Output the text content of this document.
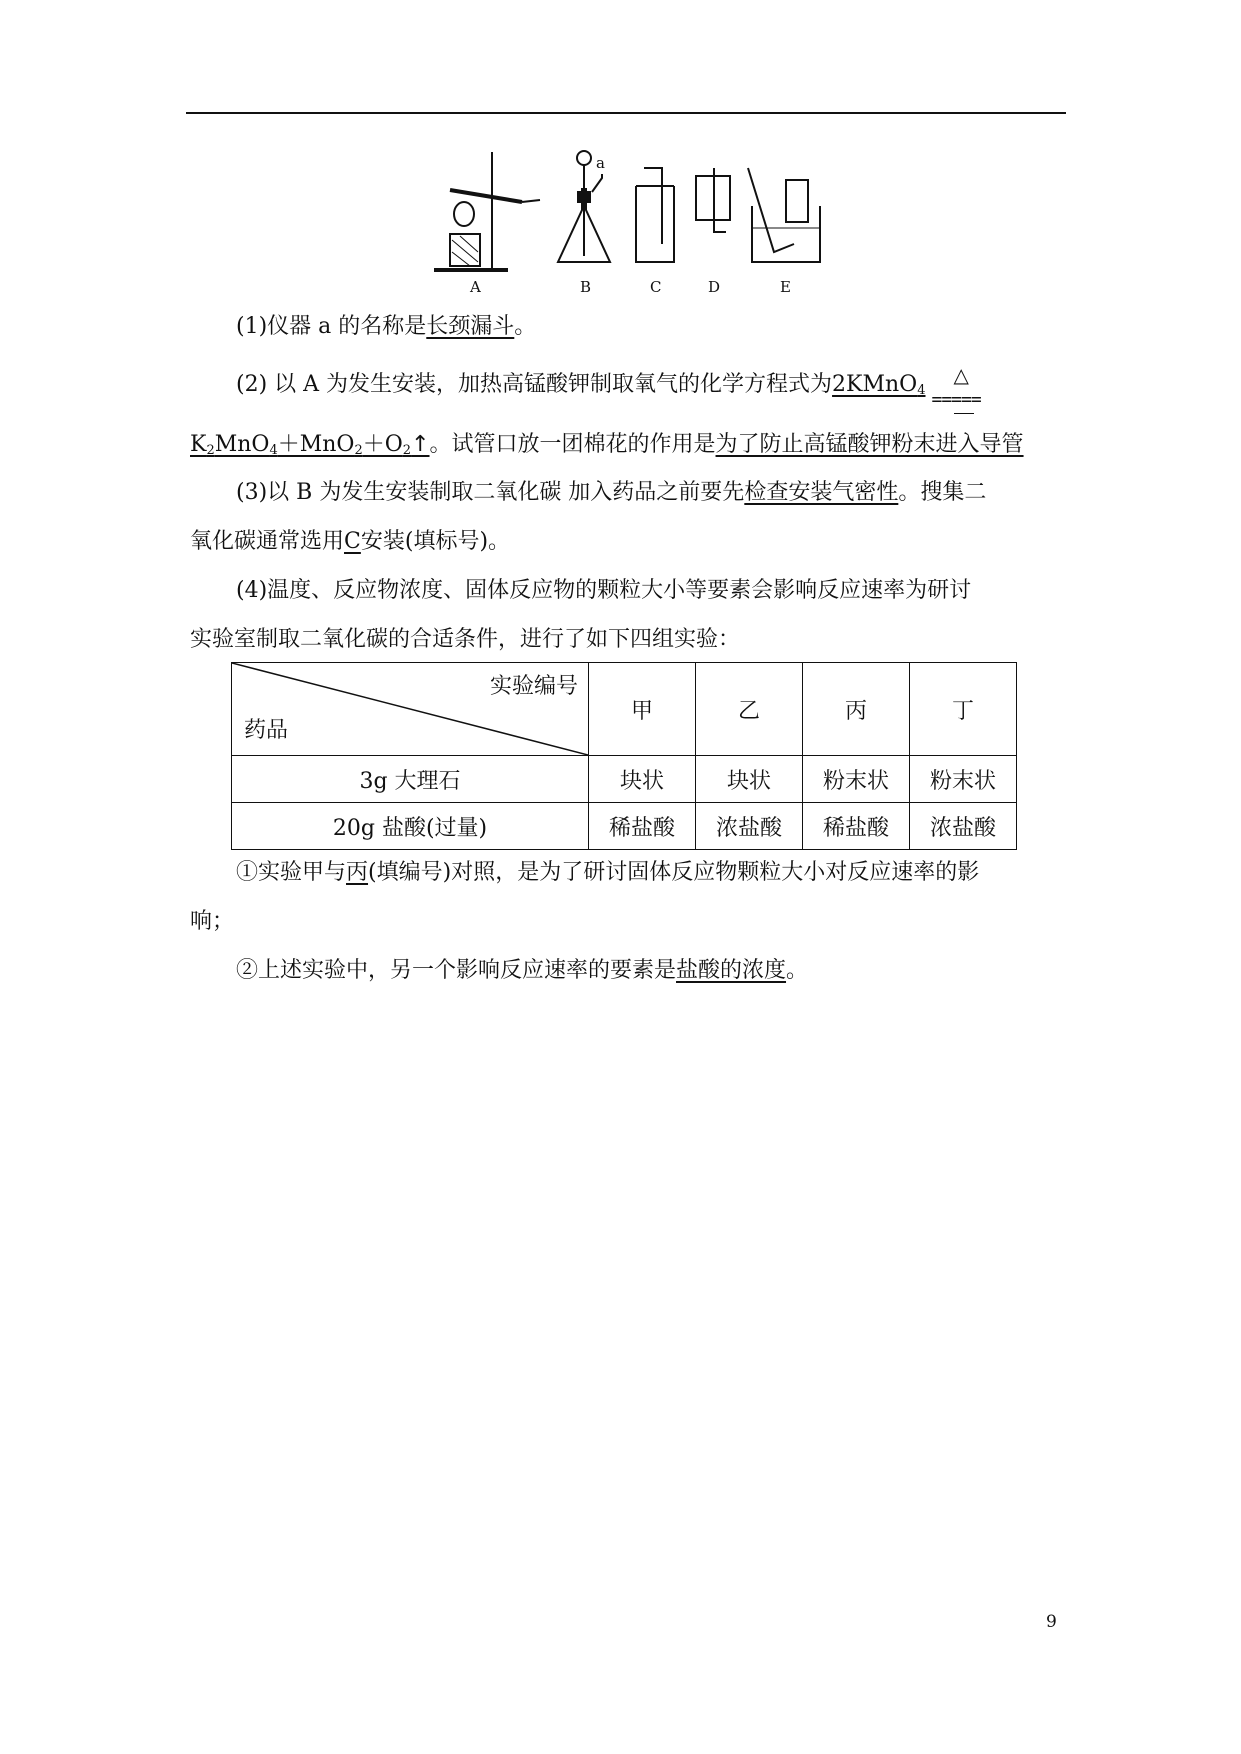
A	B	C	D	E
a
(1)仪器 a 的名称是长颈漏斗。
(2) 以 A 为发生安装，加热高锰酸钾制取氧气的化学方程式为2KMnO$_4$
△
=====
$K_2MnO_4+MnO_2+O_2↑$。试管口放一团棉花的作用是为了防止高锰酸钾粉末进入导管
(3)以 B 为发生安装制取二氧化碳 加入药品之前要先检查安装气密性。搜集二
氧化碳通常选用C安装(填标号)。
(4)温度、反应物浓度、固体反应物的颗粒大小等要素会影响反应速率为研讨
实验室制取二氧化碳的合适条件，进行了如下四组实验：
实验编号
药品	甲	乙	丙	丁
3g 大理石	块状	块状	粉末状	粉末状
20g 盐酸(过量)	稀盐酸	浓盐酸	稀盐酸	浓盐酸
①实验甲与丙(填编号)对照，是为了研讨固体反应物颗粒大小对反应速率的影
响；
②上述实验中，另一个影响反应速率的要素是盐酸的浓度。
9
